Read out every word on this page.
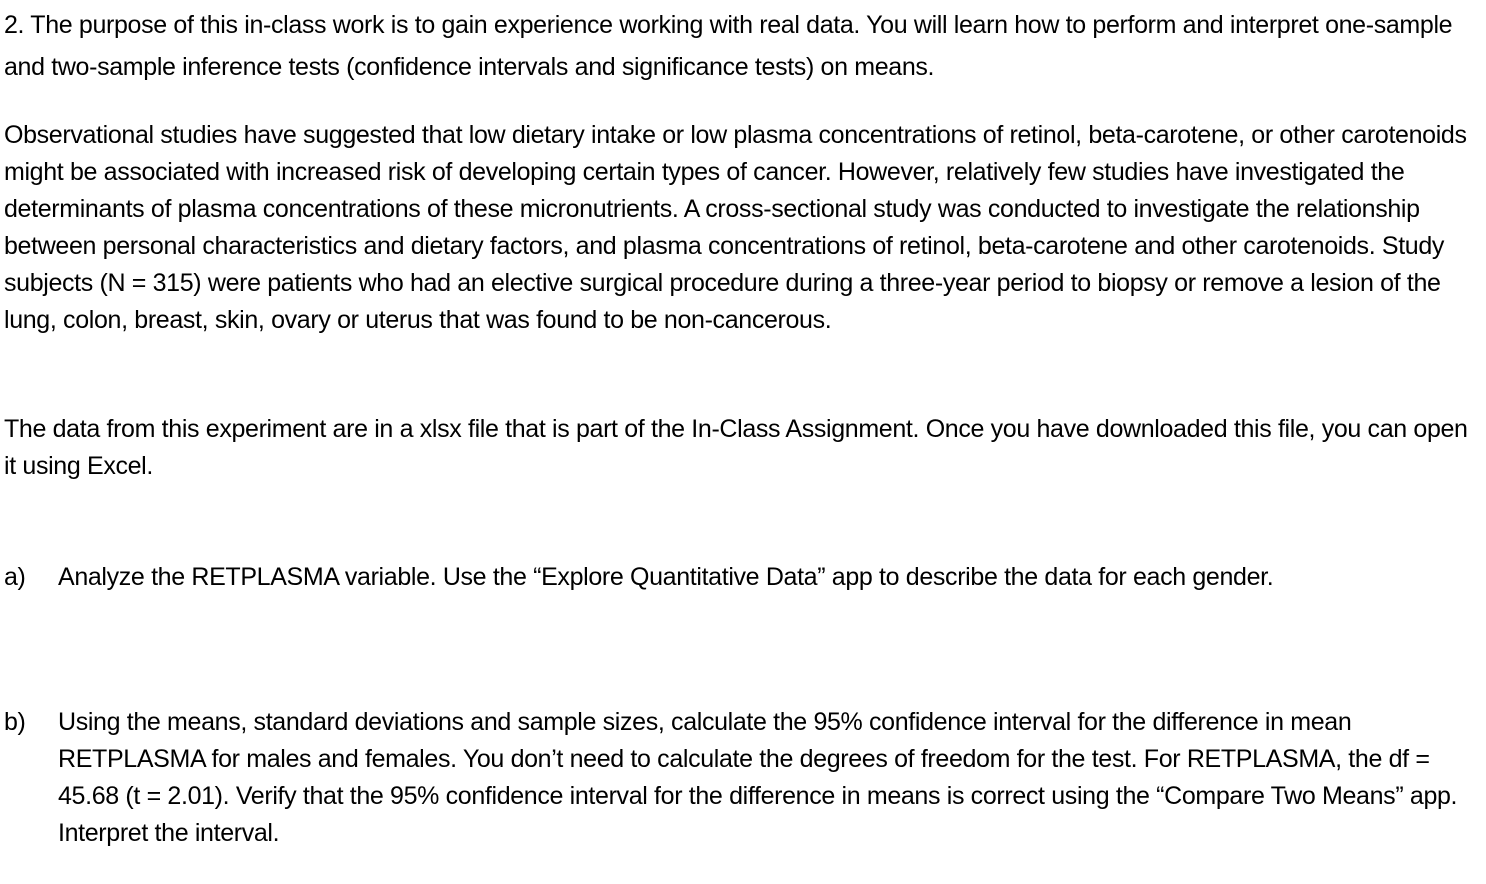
2. The purpose of this in-class work is to gain experience working with real data. You will learn how to perform and interpret one-sample and two-sample inference tests (confidence intervals and significance tests) on means.

Observational studies have suggested that low dietary intake or low plasma concentrations of retinol, beta-carotene, or other carotenoids might be associated with increased risk of developing certain types of cancer. However, relatively few studies have investigated the determinants of plasma concentrations of these micronutrients. A cross-sectional study was conducted to investigate the relationship between personal characteristics and dietary factors, and plasma concentrations of retinol, beta-carotene and other carotenoids. Study subjects (N = 315) were patients who had an elective surgical procedure during a three-year period to biopsy or remove a lesion of the lung, colon, breast, skin, ovary or uterus that was found to be non-cancerous.

The data from this experiment are in a xlsx file that is part of the In-Class Assignment. Once you have downloaded this file, you can open it using Excel.

a)	Analyze the RETPLASMA variable. Use the “Explore Quantitative Data” app to describe the data for each gender.
b)	Using the means, standard deviations and sample sizes, calculate the 95% confidence interval for the difference in mean RETPLASMA for males and females. You don’t need to calculate the degrees of freedom for the test. For RETPLASMA, the df = 45.68 (t = 2.01). Verify that the 95% confidence interval for the difference in means is correct using the “Compare Two Means” app. Interpret the interval.
